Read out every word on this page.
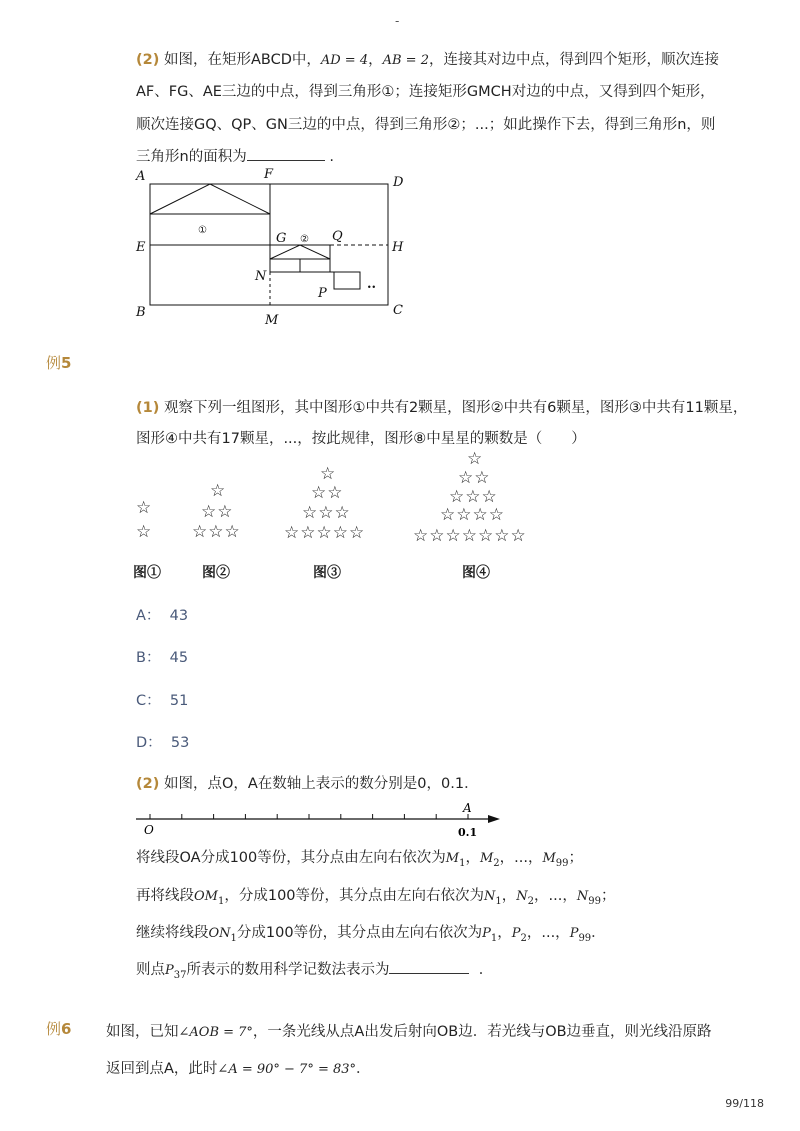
-
(2) 如图，在矩形ABCD中，AD = 4，AB = 2，连接其对边中点，得到四个矩形，顺次连接
AF、FG、AE三边的中点，得到三角形①；连接矩形GMCH对边的中点，又得到四个矩形，
顺次连接GQ、QP、GN三边的中点，得到三角形②；...；如此操作下去，得到三角形n，则
三角形n的面积为	.
A	F
D
E
G ② Q
H
①
N
P
..
B
M
C
例5
(1) 观察下列一组图形，其中图形①中共有2颗星，图形②中共有6颗星，图形③中共有11颗星，
图形④中共有17颗星，...，按此规律，图形⑧中星星的颗数是（　　）
☆
☆
图①
☆
☆☆
☆☆☆
图②
☆
☆☆
☆☆☆
☆☆☆☆☆
图③
☆
☆☆
☆☆☆
☆☆☆☆
☆☆☆☆☆☆☆
图④
A： 43
B： 45
C： 51
D： 53
(2) 如图，点O，A在数轴上表示的数分别是0，0.1．
O
A
0.1
将线段OA分成100等份，其分点由左向右依次为$M_1$，$M_2$，...，$M_{99}$；
再将线段$OM_1$，分成100等份，其分点由左向右依次为$N_1$，$N_2$，...，$N_{99}$；
继续将线段$ON_1$分成100等份，其分点由左向右依次为$P_1$，$P_2$，...，$P_{99}$．
则点$P_{37}$所表示的数用科学记数法表示为	．
例6 如图，已知∠AOB = 7°，一条光线从点A出发后射向OB边．若光线与OB边垂直，则光线沿原路
返回到点A，此时∠A = 90° − 7° = 83°．
99/118
